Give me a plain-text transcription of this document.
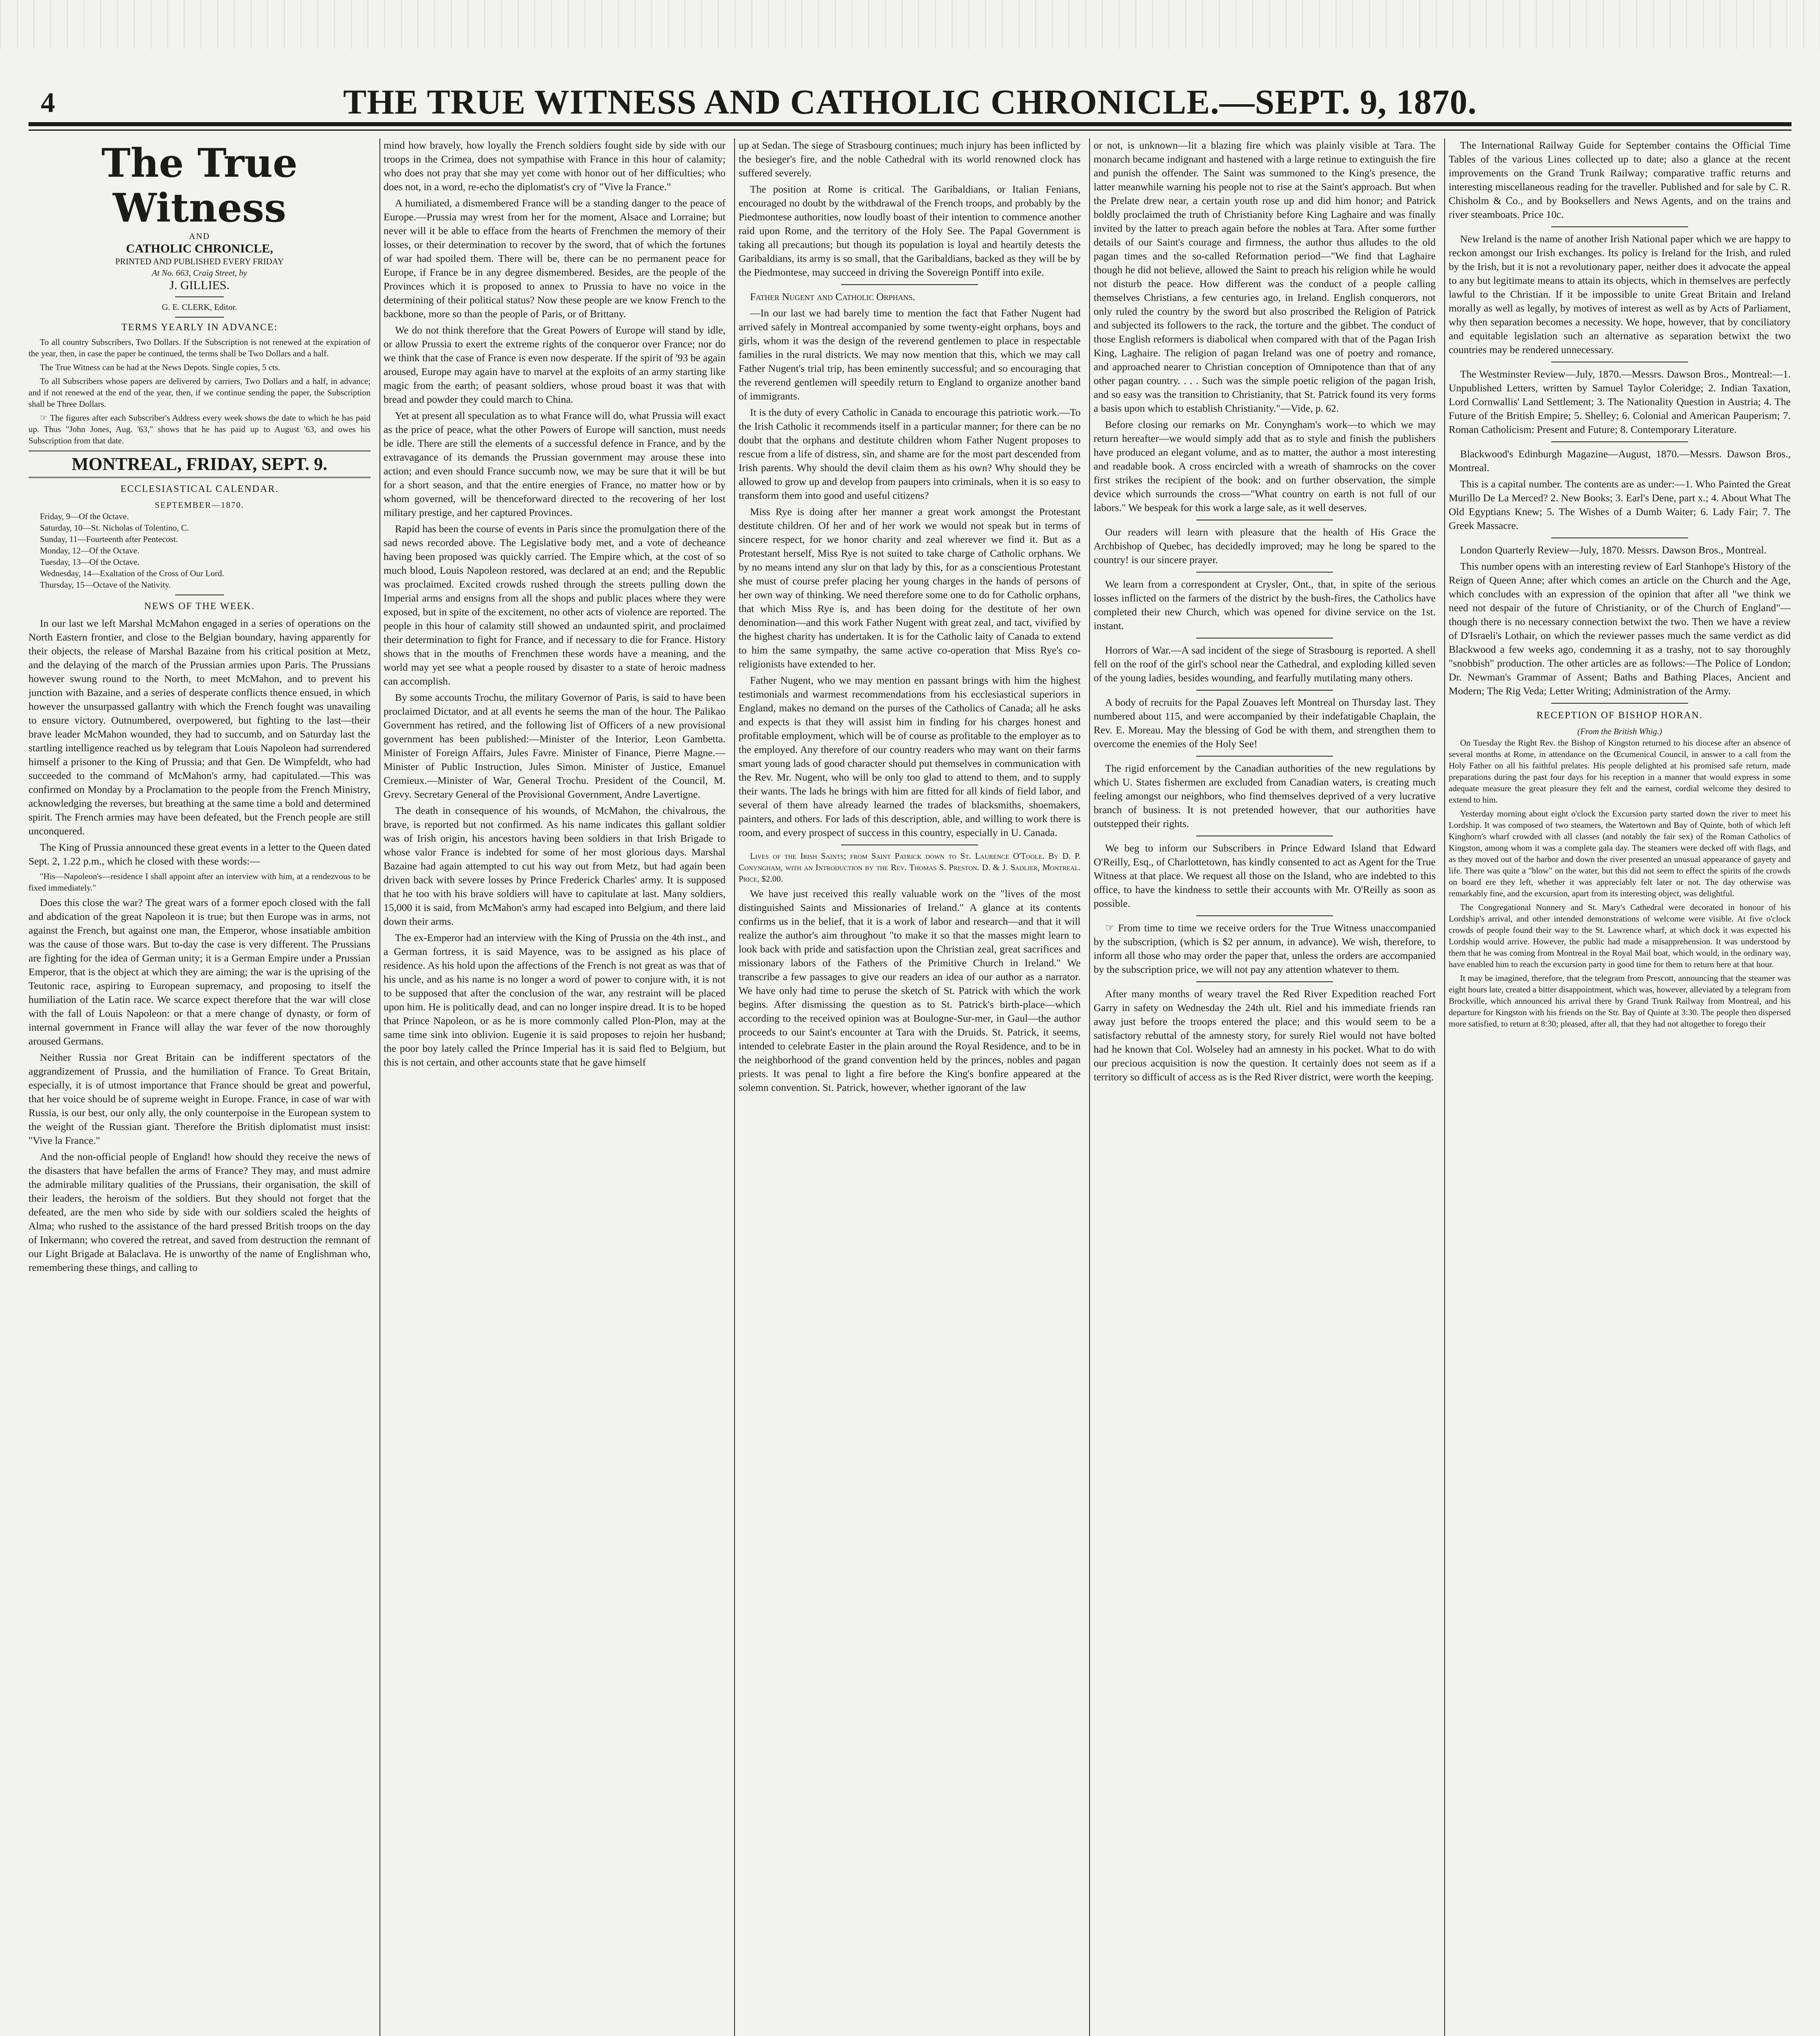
4	THE TRUE WITNESS AND CATHOLIC CHRONICLE.—SEPT. 9, 1870.
The True Witness
AND
CATHOLIC CHRONICLE,
PRINTED AND PUBLISHED EVERY FRIDAY
At No. 663, Craig Street, by
J. GILLIES.
G. E. CLERK, Editor.
TERMS YEARLY IN ADVANCE:

To all country Subscribers, Two Dollars. If the Subscription is not renewed at the expiration of the year, then, in case the paper be continued, the terms shall be Two Dollars and a half.

The True Witness can be had at the News Depots. Single copies, 5 cts.

To all Subscribers whose papers are delivered by carriers, Two Dollars and a half, in advance; and if not renewed at the end of the year, then, if we continue sending the paper, the Subscription shall be Three Dollars.

☞ The figures after each Subscriber's Address every week shows the date to which he has paid up. Thus "John Jones, Aug. '63," shows that he has paid up to August '63, and owes his Subscription from that date.

MONTREAL, FRIDAY, SEPT. 9.
ECCLESIASTICAL CALENDAR.
SEPTEMBER—1870.
Friday, 9—Of the Octave.
Saturday, 10—St. Nicholas of Tolentino, C.
Sunday, 11—Fourteenth after Pentecost.
Monday, 12—Of the Octave.
Tuesday, 13—Of the Octave.
Wednesday, 14—Exaltation of the Cross of Our Lord.
Thursday, 15—Octave of the Nativity.
NEWS OF THE WEEK.

In our last we left Marshal McMahon engaged in a series of operations on the North Eastern frontier, and close to the Belgian boundary, having apparently for their objects, the release of Marshal Bazaine from his critical position at Metz, and the delaying of the march of the Prussian armies upon Paris. The Prussians however swung round to the North, to meet McMahon, and to prevent his junction with Bazaine, and a series of desperate conflicts thence ensued, in which however the unsurpassed gallantry with which the French fought was unavailing to ensure victory. Outnumbered, overpowered, but fighting to the last—their brave leader McMahon wounded, they had to succumb, and on Saturday last the startling intelligence reached us by telegram that Louis Napoleon had surrendered himself a prisoner to the King of Prussia; and that Gen. De Wimpfeldt, who had succeeded to the command of McMahon's army, had capitulated.—This was confirmed on Monday by a Proclamation to the people from the French Ministry, acknowledging the reverses, but breathing at the same time a bold and determined spirit. The French armies may have been defeated, but the French people are still unconquered.

The King of Prussia announced these great events in a letter to the Queen dated Sept. 2, 1.22 p.m., which he closed with these words:—

"His—Napoleon's—residence I shall appoint after an interview with him, at a rendezvous to be fixed immediately."

Does this close the war? The great wars of a former epoch closed with the fall and abdication of the great Napoleon it is true; but then Europe was in arms, not against the French, but against one man, the Emperor, whose insatiable ambition was the cause of those wars. But to-day the case is very different. The Prussians are fighting for the idea of German unity; it is a German Empire under a Prussian Emperor, that is the object at which they are aiming; the war is the uprising of the Teutonic race, aspiring to European supremacy, and proposing to itself the humiliation of the Latin race. We scarce expect therefore that the war will close with the fall of Louis Napoleon: or that a mere change of dynasty, or form of internal government in France will allay the war fever of the now thoroughly aroused Germans.

Neither Russia nor Great Britain can be indifferent spectators of the aggrandizement of Prussia, and the humiliation of France. To Great Britain, especially, it is of utmost importance that France should be great and powerful, that her voice should be of supreme weight in Europe. France, in case of war with Russia, is our best, our only ally, the only counterpoise in the European system to the weight of the Russian giant. Therefore the British diplomatist must insist: "Vive la France."

And the non-official people of England! how should they receive the news of the disasters that have befallen the arms of France? They may, and must admire the admirable military qualities of the Prussians, their organisation, the skill of their leaders, the heroism of the soldiers. But they should not forget that the defeated, are the men who side by side with our soldiers scaled the heights of Alma; who rushed to the assistance of the hard pressed British troops on the day of Inkermann; who covered the retreat, and saved from destruction the remnant of our Light Brigade at Balaclava. He is unworthy of the name of Englishman who, remembering these things, and calling to

mind how bravely, how loyally the French soldiers fought side by side with our troops in the Crimea, does not sympathise with France in this hour of calamity; who does not pray that she may yet come with honor out of her difficulties; who does not, in a word, re-echo the diplomatist's cry of "Vive la France."

A humiliated, a dismembered France will be a standing danger to the peace of Europe.—Prussia may wrest from her for the moment, Alsace and Lorraine; but never will it be able to efface from the hearts of Frenchmen the memory of their losses, or their determination to recover by the sword, that of which the fortunes of war had spoiled them. There will be, there can be no permanent peace for Europe, if France be in any degree dismembered. Besides, are the people of the Provinces which it is proposed to annex to Prussia to have no voice in the determining of their political status? Now these people are we know French to the backbone, more so than the people of Paris, or of Brittany.

We do not think therefore that the Great Powers of Europe will stand by idle, or allow Prussia to exert the extreme rights of the conqueror over France; nor do we think that the case of France is even now desperate. If the spirit of '93 be again aroused, Europe may again have to marvel at the exploits of an army starting like magic from the earth; of peasant soldiers, whose proud boast it was that with bread and powder they could march to China.

Yet at present all speculation as to what France will do, what Prussia will exact as the price of peace, what the other Powers of Europe will sanction, must needs be idle. There are still the elements of a successful defence in France, and by the extravagance of its demands the Prussian government may arouse these into action; and even should France succumb now, we may be sure that it will be but for a short season, and that the entire energies of France, no matter how or by whom governed, will be thenceforward directed to the recovering of her lost military prestige, and her captured Provinces.

Rapid has been the course of events in Paris since the promulgation there of the sad news recorded above. The Legislative body met, and a vote of decheance having been proposed was quickly carried. The Empire which, at the cost of so much blood, Louis Napoleon restored, was declared at an end; and the Republic was proclaimed. Excited crowds rushed through the streets pulling down the Imperial arms and ensigns from all the shops and public places where they were exposed, but in spite of the excitement, no other acts of violence are reported. The people in this hour of calamity still showed an undaunted spirit, and proclaimed their determination to fight for France, and if necessary to die for France. History shows that in the mouths of Frenchmen these words have a meaning, and the world may yet see what a people roused by disaster to a state of heroic madness can accomplish.

By some accounts Trochu, the military Governor of Paris, is said to have been proclaimed Dictator, and at all events he seems the man of the hour. The Palikao Government has retired, and the following list of Officers of a new provisional government has been published:—Minister of the Interior, Leon Gambetta. Minister of Foreign Affairs, Jules Favre. Minister of Finance, Pierre Magne.—Minister of Public Instruction, Jules Simon. Minister of Justice, Emanuel Cremieux.—Minister of War, General Trochu. President of the Council, M. Grevy. Secretary General of the Provisional Government, Andre Lavertigne.

The death in consequence of his wounds, of McMahon, the chivalrous, the brave, is reported but not confirmed. As his name indicates this gallant soldier was of Irish origin, his ancestors having been soldiers in that Irish Brigade to whose valor France is indebted for some of her most glorious days. Marshal Bazaine had again attempted to cut his way out from Metz, but had again been driven back with severe losses by Prince Frederick Charles' army. It is supposed that he too with his brave soldiers will have to capitulate at last. Many soldiers, 15,000 it is said, from McMahon's army had escaped into Belgium, and there laid down their arms.

The ex-Emperor had an interview with the King of Prussia on the 4th inst., and a German fortress, it is said Mayence, was to be assigned as his place of residence. As his hold upon the affections of the French is not great as was that of his uncle, and as his name is no longer a word of power to conjure with, it is not to be supposed that after the conclusion of the war, any restraint will be placed upon him. He is politically dead, and can no longer inspire dread. It is to be hoped that Prince Napoleon, or as he is more commonly called Plon-Plon, may at the same time sink into oblivion. Eugenie it is said proposes to rejoin her husband; the poor boy lately called the Prince Imperial has it is said fled to Belgium, but this is not certain, and other accounts state that he gave himself

up at Sedan. The siege of Strasbourg continues; much injury has been inflicted by the besieger's fire, and the noble Cathedral with its world renowned clock has suffered severely.

The position at Rome is critical. The Garibaldians, or Italian Fenians, encouraged no doubt by the withdrawal of the French troops, and probably by the Piedmontese authorities, now loudly boast of their intention to commence another raid upon Rome, and the territory of the Holy See. The Papal Government is taking all precautions; but though its population is loyal and heartily detests the Garibaldians, its army is so small, that the Garibaldians, backed as they will be by the Piedmontese, may succeed in driving the Sovereign Pontiff into exile.

Father Nugent and Catholic Orphans.

—In our last we had barely time to mention the fact that Father Nugent had arrived safely in Montreal accompanied by some twenty-eight orphans, boys and girls, whom it was the design of the reverend gentlemen to place in respectable families in the rural districts. We may now mention that this, which we may call Father Nugent's trial trip, has been eminently successful; and so encouraging that the reverend gentlemen will speedily return to England to organize another band of immigrants.

It is the duty of every Catholic in Canada to encourage this patriotic work.—To the Irish Catholic it recommends itself in a particular manner; for there can be no doubt that the orphans and destitute children whom Father Nugent proposes to rescue from a life of distress, sin, and shame are for the most part descended from Irish parents. Why should the devil claim them as his own? Why should they be allowed to grow up and develop from paupers into criminals, when it is so easy to transform them into good and useful citizens?

Miss Rye is doing after her manner a great work amongst the Protestant destitute children. Of her and of her work we would not speak but in terms of sincere respect, for we honor charity and zeal wherever we find it. But as a Protestant herself, Miss Rye is not suited to take charge of Catholic orphans. We by no means intend any slur on that lady by this, for as a conscientious Protestant she must of course prefer placing her young charges in the hands of persons of her own way of thinking. We need therefore some one to do for Catholic orphans, that which Miss Rye is, and has been doing for the destitute of her own denomination—and this work Father Nugent with great zeal, and tact, vivified by the highest charity has undertaken. It is for the Catholic laity of Canada to extend to him the same sympathy, the same active co-operation that Miss Rye's co-religionists have extended to her.

Father Nugent, who we may mention en passant brings with him the highest testimonials and warmest recommendations from his ecclesiastical superiors in England, makes no demand on the purses of the Catholics of Canada; all he asks and expects is that they will assist him in finding for his charges honest and profitable employment, which will be of course as profitable to the employer as to the employed. Any therefore of our country readers who may want on their farms smart young lads of good character should put themselves in communication with the Rev. Mr. Nugent, who will be only too glad to attend to them, and to supply their wants. The lads he brings with him are fitted for all kinds of field labor, and several of them have already learned the trades of blacksmiths, shoemakers, painters, and others. For lads of this description, able, and willing to work there is room, and every prospect of success in this country, especially in U. Canada.

Lives of the Irish Saints; from Saint Patrick down to St. Laurence O'Toole. By D. P. Conyngham, with an Introduction by the Rev. Thomas S. Preston. D. & J. Sadlier, Montreal. Price, $2.00.

We have just received this really valuable work on the "lives of the most distinguished Saints and Missionaries of Ireland." A glance at its contents confirms us in the belief, that it is a work of labor and research—and that it will realize the author's aim throughout "to make it so that the masses might learn to look back with pride and satisfaction upon the Christian zeal, great sacrifices and missionary labors of the Fathers of the Primitive Church in Ireland." We transcribe a few passages to give our readers an idea of our author as a narrator. We have only had time to peruse the sketch of St. Patrick with which the work begins. After dismissing the question as to St. Patrick's birth-place—which according to the received opinion was at Boulogne-Sur-mer, in Gaul—the author proceeds to our Saint's encounter at Tara with the Druids. St. Patrick, it seems, intended to celebrate Easter in the plain around the Royal Residence, and to be in the neighborhood of the grand convention held by the princes, nobles and pagan priests. It was penal to light a fire before the King's bonfire appeared at the solemn convention. St. Patrick, however, whether ignorant of the law

or not, is unknown—lit a blazing fire which was plainly visible at Tara. The monarch became indignant and hastened with a large retinue to extinguish the fire and punish the offender. The Saint was summoned to the King's presence, the latter meanwhile warning his people not to rise at the Saint's approach. But when the Prelate drew near, a certain youth rose up and did him honor; and Patrick boldly proclaimed the truth of Christianity before King Laghaire and was finally invited by the latter to preach again before the nobles at Tara. After some further details of our Saint's courage and firmness, the author thus alludes to the old pagan times and the so-called Reformation period—"We find that Laghaire though he did not believe, allowed the Saint to preach his religion while he would not disturb the peace. How different was the conduct of a people calling themselves Christians, a few centuries ago, in Ireland. English conquerors, not only ruled the country by the sword but also proscribed the Religion of Patrick and subjected its followers to the rack, the torture and the gibbet. The conduct of those English reformers is diabolical when compared with that of the Pagan Irish King, Laghaire. The religion of pagan Ireland was one of poetry and romance, and approached nearer to Christian conception of Omnipotence than that of any other pagan country. . . . Such was the simple poetic religion of the pagan Irish, and so easy was the transition to Christianity, that St. Patrick found its very forms a basis upon which to establish Christianity."—Vide, p. 62.

Before closing our remarks on Mr. Conyngham's work—to which we may return hereafter—we would simply add that as to style and finish the publishers have produced an elegant volume, and as to matter, the author a most interesting and readable book. A cross encircled with a wreath of shamrocks on the cover first strikes the recipient of the book: and on further observation, the simple device which surrounds the cross—"What country on earth is not full of our labors." We bespeak for this work a large sale, as it well deserves.

Our readers will learn with pleasure that the health of His Grace the Archbishop of Quebec, has decidedly improved; may he long be spared to the country! is our sincere prayer.

We learn from a correspondent at Crysler, Ont., that, in spite of the serious losses inflicted on the farmers of the district by the bush-fires, the Catholics have completed their new Church, which was opened for divine service on the 1st. instant.

Horrors of War.—A sad incident of the siege of Strasbourg is reported. A shell fell on the roof of the girl's school near the Cathedral, and exploding killed seven of the young ladies, besides wounding, and fearfully mutilating many others.

A body of recruits for the Papal Zouaves left Montreal on Thursday last. They numbered about 115, and were accompanied by their indefatigable Chaplain, the Rev. E. Moreau. May the blessing of God be with them, and strengthen them to overcome the enemies of the Holy See!

The rigid enforcement by the Canadian authorities of the new regulations by which U. States fishermen are excluded from Canadian waters, is creating much feeling amongst our neighbors, who find themselves deprived of a very lucrative branch of business. It is not pretended however, that our authorities have outstepped their rights.

We beg to inform our Subscribers in Prince Edward Island that Edward O'Reilly, Esq., of Charlottetown, has kindly consented to act as Agent for the True Witness at that place. We request all those on the Island, who are indebted to this office, to have the kindness to settle their accounts with Mr. O'Reilly as soon as possible.

☞ From time to time we receive orders for the True Witness unaccompanied by the subscription, (which is $2 per annum, in advance). We wish, therefore, to inform all those who may order the paper that, unless the orders are accompanied by the subscription price, we will not pay any attention whatever to them.

After many months of weary travel the Red River Expedition reached Fort Garry in safety on Wednesday the 24th ult. Riel and his immediate friends ran away just before the troops entered the place; and this would seem to be a satisfactory rebuttal of the amnesty story, for surely Riel would not have bolted had he known that Col. Wolseley had an amnesty in his pocket. What to do with our precious acquisition is now the question. It certainly does not seem as if a territory so difficult of access as is the Red River district, were worth the keeping.

The International Railway Guide for September contains the Official Time Tables of the various Lines collected up to date; also a glance at the recent improvements on the Grand Trunk Railway; comparative traffic returns and interesting miscellaneous reading for the traveller. Published and for sale by C. R. Chisholm & Co., and by Booksellers and News Agents, and on the trains and river steamboats. Price 10c.

New Ireland is the name of another Irish National paper which we are happy to reckon amongst our Irish exchanges. Its policy is Ireland for the Irish, and ruled by the Irish, but it is not a revolutionary paper, neither does it advocate the appeal to any but legitimate means to attain its objects, which in themselves are perfectly lawful to the Christian. If it be impossible to unite Great Britain and Ireland morally as well as legally, by motives of interest as well as by Acts of Parliament, why then separation becomes a necessity. We hope, however, that by conciliatory and equitable legislation such an alternative as separation betwixt the two countries may be rendered unnecessary.

The Westminster Review—July, 1870.—Messrs. Dawson Bros., Montreal:—1. Unpublished Letters, written by Samuel Taylor Coleridge; 2. Indian Taxation, Lord Cornwallis' Land Settlement; 3. The Nationality Question in Austria; 4. The Future of the British Empire; 5. Shelley; 6. Colonial and American Pauperism; 7. Roman Catholicism: Present and Future; 8. Contemporary Literature.

Blackwood's Edinburgh Magazine—August, 1870.—Messrs. Dawson Bros., Montreal.

This is a capital number. The contents are as under:—1. Who Painted the Great Murillo De La Merced? 2. New Books; 3. Earl's Dene, part x.; 4. About What The Old Egyptians Knew; 5. The Wishes of a Dumb Waiter; 6. Lady Fair; 7. The Greek Massacre.

London Quarterly Review—July, 1870. Messrs. Dawson Bros., Montreal.

This number opens with an interesting review of Earl Stanhope's History of the Reign of Queen Anne; after which comes an article on the Church and the Age, which concludes with an expression of the opinion that after all "we think we need not despair of the future of Christianity, or of the Church of England"—though there is no necessary connection betwixt the two. Then we have a review of D'Israeli's Lothair, on which the reviewer passes much the same verdict as did Blackwood a few weeks ago, condemning it as a trashy, not to say thoroughly "snobbish" production. The other articles are as follows:—The Police of London; Dr. Newman's Grammar of Assent; Baths and Bathing Places, Ancient and Modern; The Rig Veda; Letter Writing; Administration of the Army.

RECEPTION OF BISHOP HORAN.
(From the British Whig.)

On Tuesday the Right Rev. the Bishop of Kingston returned to his diocese after an absence of several months at Rome, in attendance on the Œcumenical Council, in answer to a call from the Holy Father on all his faithful prelates. His people delighted at his promised safe return, made preparations during the past four days for his reception in a manner that would express in some adequate measure the great pleasure they felt and the earnest, cordial welcome they desired to extend to him.

Yesterday morning about eight o'clock the Excursion party started down the river to meet his Lordship. It was composed of two steamers, the Watertown and Bay of Quinte, both of which left Kinghorn's wharf crowded with all classes (and notably the fair sex) of the Roman Catholics of Kingston, among whom it was a complete gala day. The steamers were decked off with flags, and as they moved out of the harbor and down the river presented an unusual appearance of gayety and life. There was quite a "blow" on the water, but this did not seem to effect the spirits of the crowds on board ere they left, whether it was appreciably felt later or not. The day otherwise was remarkably fine, and the excursion, apart from its interesting object, was delightful.

The Congregational Nunnery and St. Mary's Cathedral were decorated in honour of his Lordship's arrival, and other intended demonstrations of welcome were visible. At five o'clock crowds of people found their way to the St. Lawrence wharf, at which dock it was expected his Lordship would arrive. However, the public had made a misapprehension. It was understood by them that he was coming from Montreal in the Royal Mail boat, which would, in the ordinary way, have enabled him to reach the excursion party in good time for them to return here at that hour.

It may be imagined, therefore, that the telegram from Prescott, announcing that the steamer was eight hours late, created a bitter disappointment, which was, however, alleviated by a telegram from Brockville, which announced his arrival there by Grand Trunk Railway from Montreal, and his departure for Kingston with his friends on the Str. Bay of Quinte at 3:30. The people then dispersed more satisfied, to return at 8:30; pleased, after all, that they had not altogether to forego their
